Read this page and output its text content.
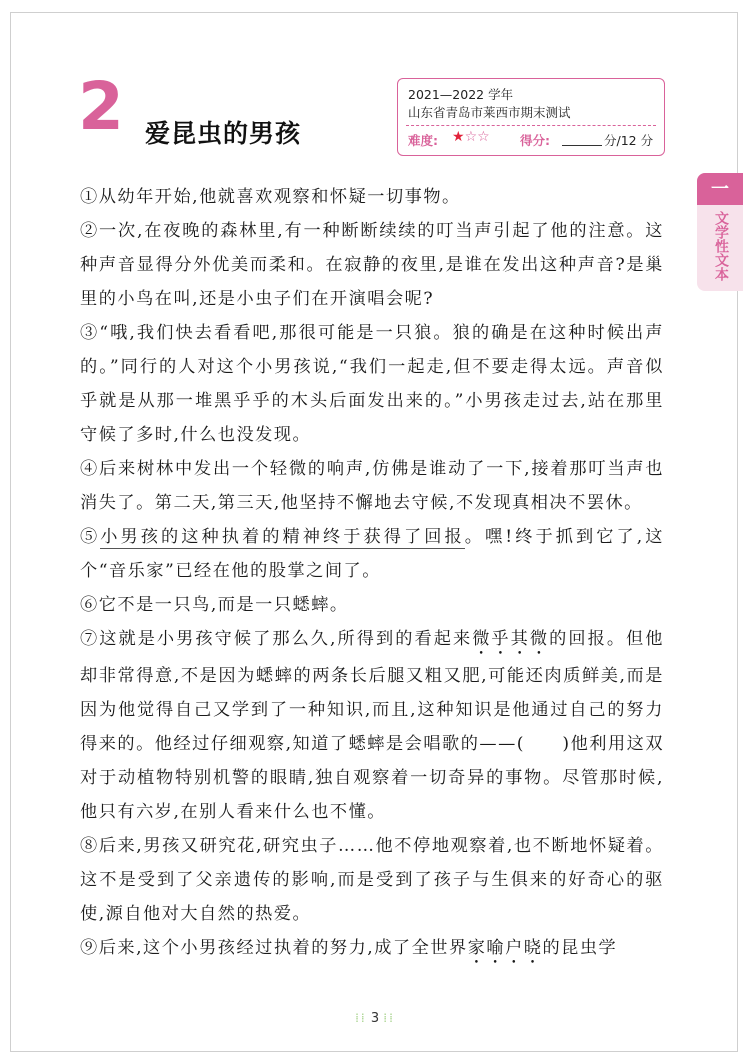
2 爱昆虫的男孩
2021—2022 学年
山东省青岛市莱西市期末测试
难度: ★☆☆ 得分:	分/12 分
一
文学性文本

①从幼年开始,他就喜欢观察和怀疑一切事物。

②一次,在夜晚的森林里,有一种断断续续的叮当声引起了他的注意。这种声音显得分外优美而柔和。在寂静的夜里,是谁在发出这种声音?是巢里的小鸟在叫,还是小虫子们在开演唱会呢?

③“哦,我们快去看看吧,那很可能是一只狼。狼的确是在这种时候出声的。”同行的人对这个小男孩说,“我们一起走,但不要走得太远。声音似乎就是从那一堆黑乎乎的木头后面发出来的。”小男孩走过去,站在那里守候了多时,什么也没发现。

④后来树林中发出一个轻微的响声,仿佛是谁动了一下,接着那叮当声也消失了。第二天,第三天,他坚持不懈地去守候,不发现真相决不罢休。

⑤小男孩的这种执着的精神终于获得了回报。嘿!终于抓到它了,这个“音乐家”已经在他的股掌之间了。

⑥它不是一只鸟,而是一只蟋蟀。

⑦这就是小男孩守候了那么久,所得到的看起来微乎其微的回报。但他却非常得意,不是因为蟋蟀的两条长后腿又粗又肥,可能还肉质鲜美,而是因为他觉得自己又学到了一种知识,而且,这种知识是他通过自己的努力得来的。他经过仔细观察,知道了蟋蟀是会唱歌的——(　　)他利用这双对于动植物特别机警的眼睛,独自观察着一切奇异的事物。尽管那时候,他只有六岁,在别人看来什么也不懂。

⑧后来,男孩又研究花,研究虫子……他不停地观察着,也不断地怀疑着。这不是受到了父亲遗传的影响,而是受到了孩子与生俱来的好奇心的驱使,源自他对大自然的热爱。

⑨后来,这个小男孩经过执着的努力,成了全世界家喻户晓的昆虫学

⁞⁞ 3 ⁞⁞
